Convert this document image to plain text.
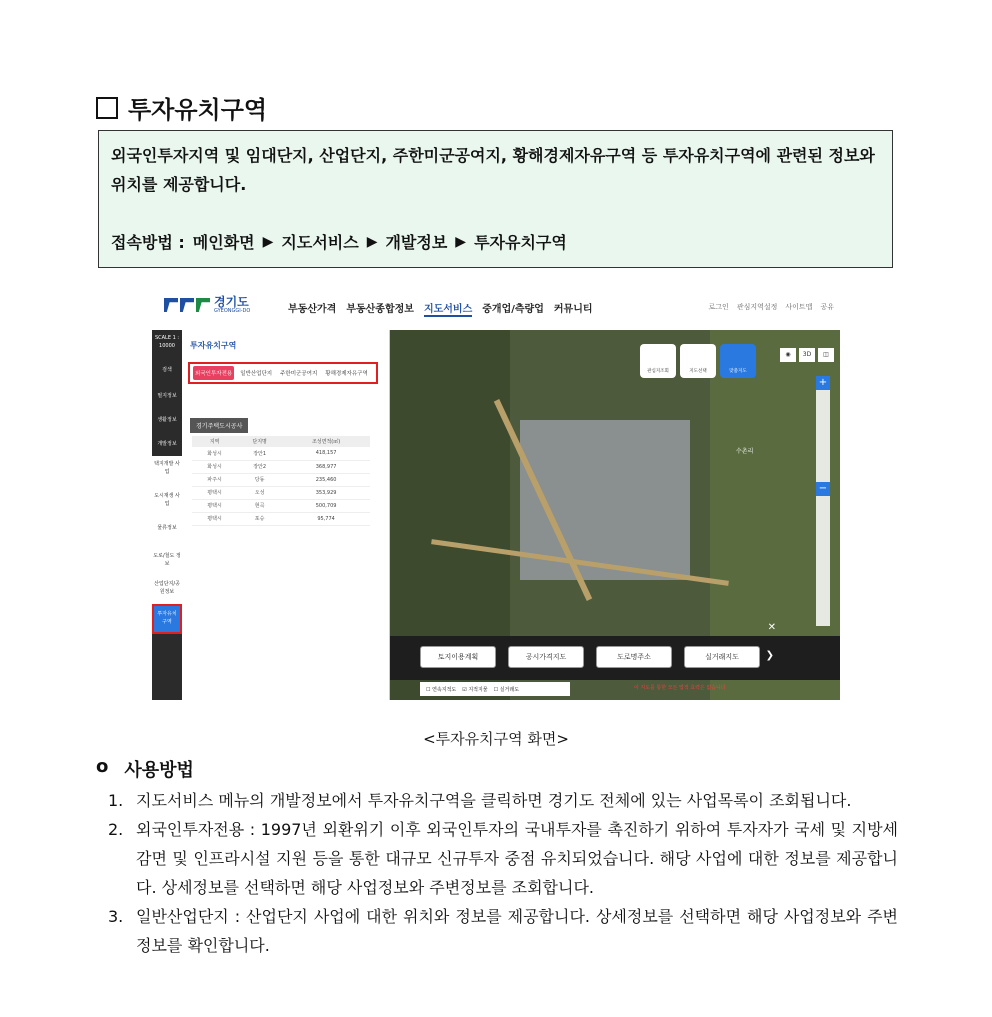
투자유치구역
외국인투자지역 및 임대단지, 산업단지, 주한미군공여지, 황해경제자유구역 등 투자유치구역에 관련된 정보와 위치를 제공합니다.
접속방법 : 메인화면 ▶ 지도서비스 ▶ 개발정보 ▶ 투자유치구역
경기도
GYEONGGI-DO	부동산가격 부동산종합정보 지도서비스 중개업/측량업 커뮤니티	로그인 관심지역설정 사이트맵 공유
SCALE 1 : 10000
검색
필지정보
생활정보
개발정보
택지개발 사업
도시재생 사업
물류정보
도로/철도 정보
산업단지/공원정보
투자유치 구역
투자유치구역
외국인투자전용	일반산업단지	주한미군공여지	황해경제자유구역
경기주택도시공사
지역	단지명	조성면적(㎡)
화성시	장안1	418,157
화성시	장안2	368,977
파주시	당동	235,460
평택시	오성	353,929
평택시	현곡	500,709
평택시	포승	95,774
관심지조회	지도선택	맞춤지도
◉	3D	◫
+
−
수촌리
✕
토지이용계획	공시가격지도	도로명주소	실거래지도	❯
☐ 연속지적도 ☑ 지적지물 ☐ 실거래도	이 지도를 통한 모든 법적 효력은 없습니다
<투자유치구역 화면>
o 사용방법
1. 지도서비스 메뉴의 개발정보에서 투자유치구역을 클릭하면 경기도 전체에 있는 사업목록이 조회됩니다.
2. 외국인투자전용 : 1997년 외환위기 이후 외국인투자의 국내투자를 촉진하기 위하여 투자자가 국세 및 지방세 감면 및 인프라시설 지원 등을 통한 대규모 신규투자 중점 유치되었습니다. 해당 사업에 대한 정보를 제공합니다. 상세정보를 선택하면 해당 사업정보와 주변정보를 조회합니다.
3. 일반산업단지 : 산업단지 사업에 대한 위치와 정보를 제공합니다. 상세정보를 선택하면 해당 사업정보와 주변정보를 확인합니다.
